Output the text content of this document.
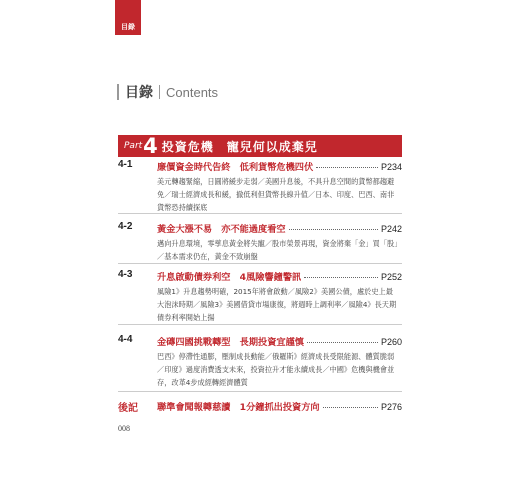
目錄
目錄 Contents
Part 4 投資危機　寵兒何以成棄兒
4-1	廉價資金時代告終　低利貨幣危機四伏	P234
美元轉趨緊縮，日圓將緩步走弱／美國升息後，不具升息空間的貨幣都趨避免／瑞士經濟成長和緩，撤低利但貨幣長線升值／日本、印度、巴西、南非貨幣恐持續探底
4-2	黃金大漲不易　亦不能過度看空	P242
邁向升息環境，零孳息黃金將失寵／股市榮景再現，資金將棄「金」買「股」／基本需求仍在，黃金不致崩盤
4-3	升息啟動債券利空　4風險響鐘警訊	P252
風險1》升息趨勢明確，2015年將會啟動／風險2》美國公債，處於史上最大泡沫時期／風險3》美國借貸市場康復，將週時上調利率／風險4》長天期債券利率開始上揚
4-4	金磚四國挑戰轉型　長期投資宜謹慎	P260
巴西》停滯性通膨，壓制成長動能／俄羅斯》經濟成長受限能源、體質脆弱／印度》過度消費透支未來，投資拉升才能永續成長／中國》危機與機會並存，改革4步成經轉經濟體質
後記 聯準會聞報轉慈讀　1分鐘抓出投資方向	P276
008
